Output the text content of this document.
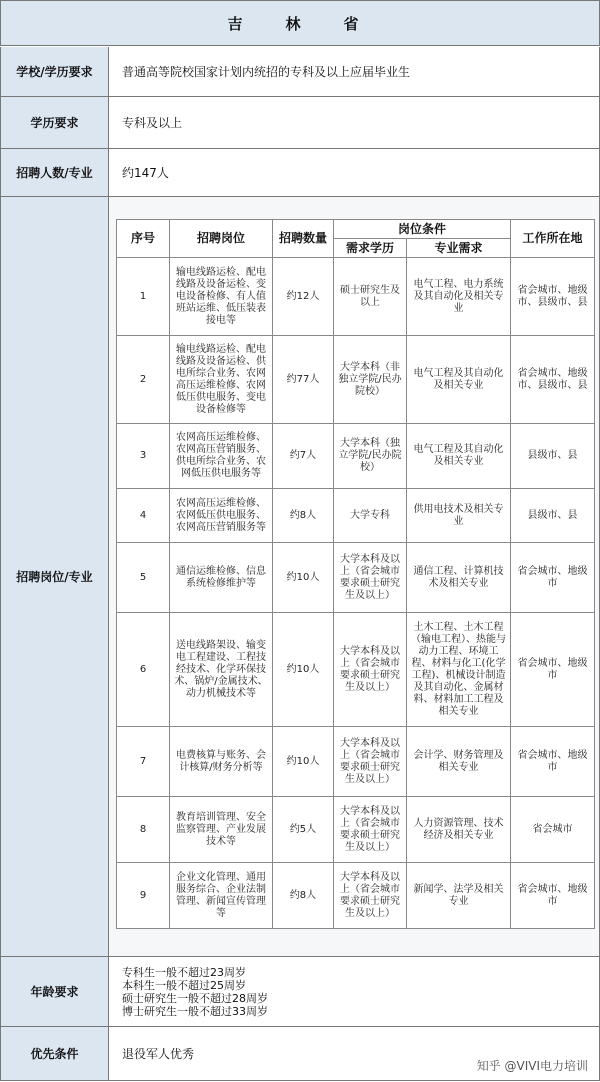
吉　林　省
学校/学历要求	普通高等院校国家计划内统招的专科及以上应届毕业生
学历要求	专科及以上
招聘人数/专业	约147人
招聘岗位/专业
序号	招聘岗位	招聘数量	岗位条件		工作所在地
			需求学历	专业需求	
1	输电线路运检、配电线路及设备运检、变电设备检修、有人值班站运维、低压装表接电等	约12人	硕士研究生及以上	电气工程、电力系统及其自动化及相关专业	省会城市、地级市、县级市、县
2	输电线路运检、配电线路及设备运检、供电所综合业务、农网高压运维检修、农网低压供电服务、变电设备检修等	约77人	大学本科（非独立学院/民办院校）	电气工程及其自动化及相关专业	省会城市、地级市、县级市、县
3	农网高压运维检修、农网高压营销服务、供电所综合业务、农网低压供电服务等	约7人	大学本科（独立学院/民办院校）	电气工程及其自动化及相关专业	县级市、县
4	农网高压运维检修、农网低压供电服务、农网高压营销服务等	约8人	大学专科	供用电技术及相关专业	县级市、县
5	通信运维检修、信息系统检修维护等	约10人	大学本科及以上（省会城市要求硕士研究生及以上）	通信工程、计算机技术及相关专业	省会城市、地级市
6	送电线路架设、输变电工程建设、工程技经技术、化学环保技术、锅炉/金属技术、动力机械技术等	约10人	大学本科及以上（省会城市要求硕士研究生及以上）	土木工程、土木工程（输电工程）、热能与动力工程、环境工程、材料与化工(化学工程)、机械设计制造及其自动化、金属材料、材料加工工程及相关专业	省会城市、地级市
7	电费核算与账务、会计核算/财务分析等	约10人	大学本科及以上（省会城市要求硕士研究生及以上）	会计学、财务管理及相关专业	省会城市、地级市
8	教育培训管理、安全监察管理、产业发展技术等	约5人	大学本科及以上（省会城市要求硕士研究生及以上）	人力资源管理、技术经济及相关专业	省会城市
9	企业文化管理、通用服务综合、企业法制管理、新闻宣传管理等	约8人	大学本科及以上（省会城市要求硕士研究生及以上）	新闻学、法学及相关专业	省会城市、地级市
年龄要求
专科生一般不超过23周岁
本科生一般不超过25周岁
硕士研究生一般不超过28周岁
博士研究生一般不超过33周岁
优先条件	退役军人优秀
知乎 @VIVI电力培训
